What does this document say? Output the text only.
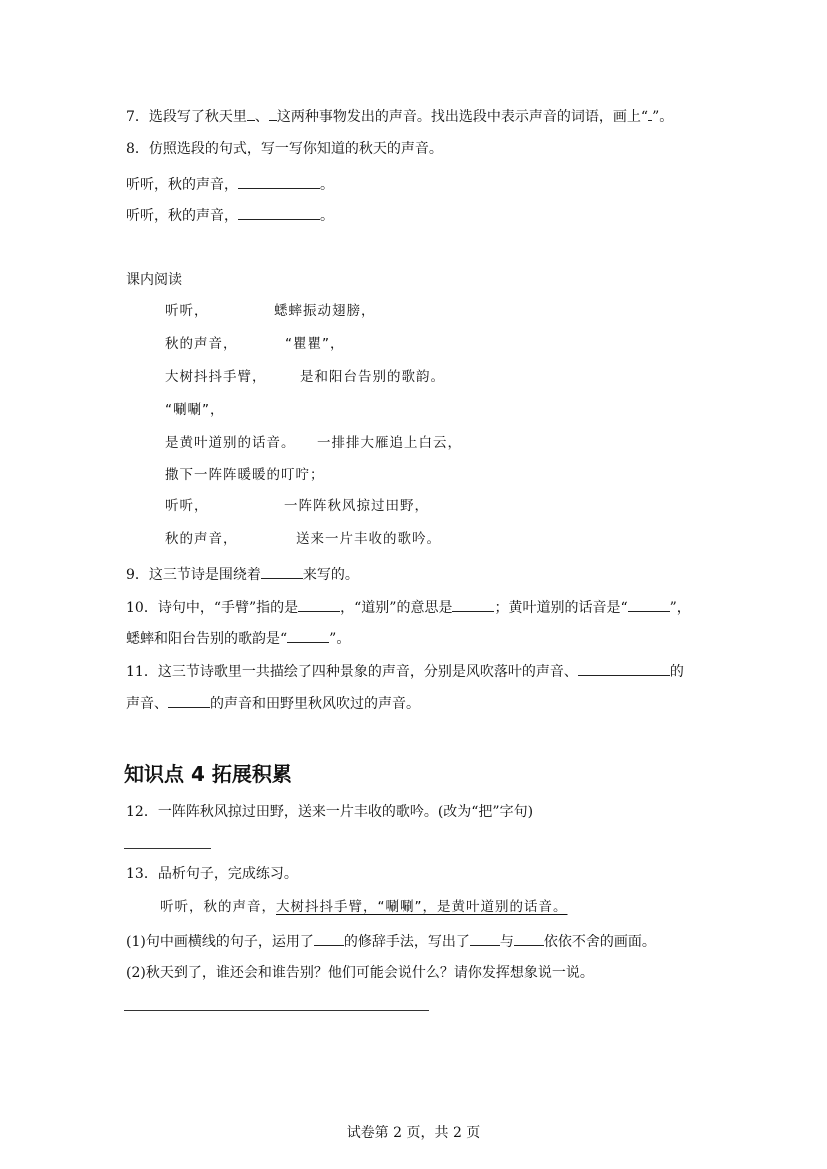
7．选段写了秋天里 、 这两种事物发出的声音。找出选段中表示声音的词语，画上“ ”。
8．仿照选段的句式，写一写你知道的秋天的声音。
听听，秋的声音，	。
听听，秋的声音，	。
课内阅读
听听，	蟋蟀振动翅膀，
秋的声音，	“瞿瞿”，
大树抖抖手臂， 是和阳台告别的歌韵。
“唰唰”，
是黄叶道别的话音。 一排排大雁追上白云，
撒下一阵阵暖暖的叮咛；
听听，	一阵阵秋风掠过田野，
秋的声音，	送来一片丰收的歌吟。
9．这三节诗是围绕着	来写的。
10．诗句中，“手臂”指的是	，“道别”的意思是	；黄叶道别的话音是“	”，
蟋蟀和阳台告别的歌韵是“	”。
11．这三节诗歌里一共描绘了四种景象的声音，分别是风吹落叶的声音、	的
声音、	的声音和田野里秋风吹过的声音。
知识点 4 拓展积累
12．一阵阵秋风掠过田野，送来一片丰收的歌吟。(改为“把”字句)
13．品析句子，完成练习。
听听，秋的声音，大树抖抖手臂，“唰唰”，是黄叶道别的话音。
(1)句中画横线的句子，运用了 的修辞手法，写出了 与 依依不舍的画面。
(2)秋天到了，谁还会和谁告别？他们可能会说什么？请你发挥想象说一说。
试卷第 2 页，共 2 页
